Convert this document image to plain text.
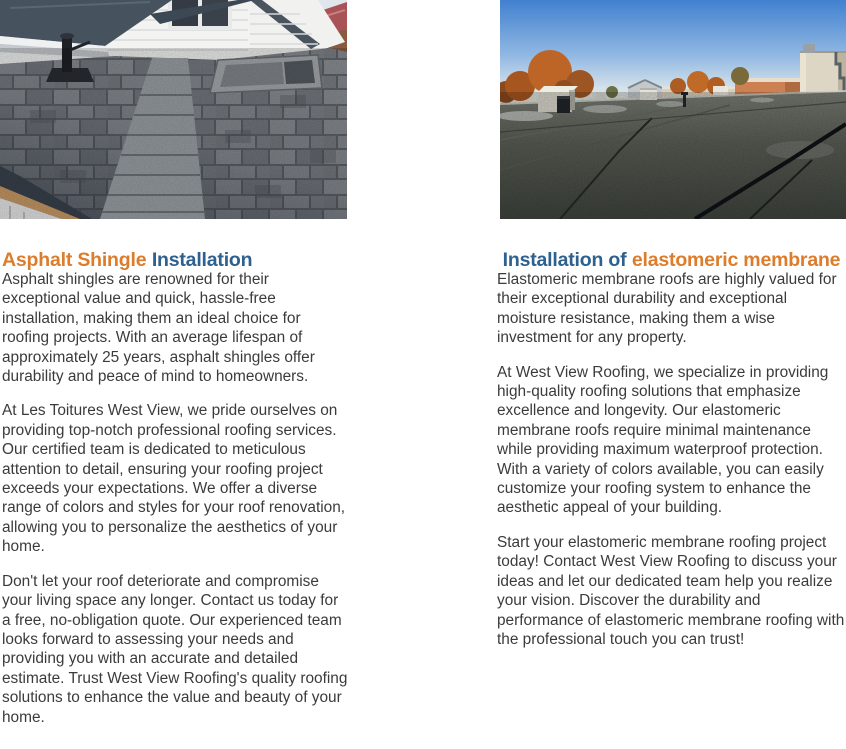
Asphalt Shingle Installation	Installation of elastomeric membrane

Asphalt shingles are renowned for their exceptional value and quick, hassle-free installation, making them an ideal choice for roofing projects. With an average lifespan of approximately 25 years, asphalt shingles offer durability and peace of mind to homeowners.

At Les Toitures West View, we pride ourselves on providing top-notch professional roofing services. Our certified team is dedicated to meticulous attention to detail, ensuring your roofing project exceeds your expectations. We offer a diverse range of colors and styles for your roof renovation, allowing you to personalize the aesthetics of your home.

Don't let your roof deteriorate and compromise your living space any longer. Contact us today for a free, no-obligation quote. Our experienced team looks forward to assessing your needs and providing you with an accurate and detailed estimate. Trust West View Roofing's quality roofing solutions to enhance the value and beauty of your home.

Elastomeric membrane roofs are highly valued for their exceptional durability and exceptional moisture resistance, making them a wise investment for any property.

At West View Roofing, we specialize in providing high-quality roofing solutions that emphasize excellence and longevity. Our elastomeric membrane roofs require minimal maintenance while providing maximum waterproof protection. With a variety of colors available, you can easily customize your roofing system to enhance the aesthetic appeal of your building.

Start your elastomeric membrane roofing project today! Contact West View Roofing to discuss your ideas and let our dedicated team help you realize your vision. Discover the durability and performance of elastomeric membrane roofing with the professional touch you can trust!
